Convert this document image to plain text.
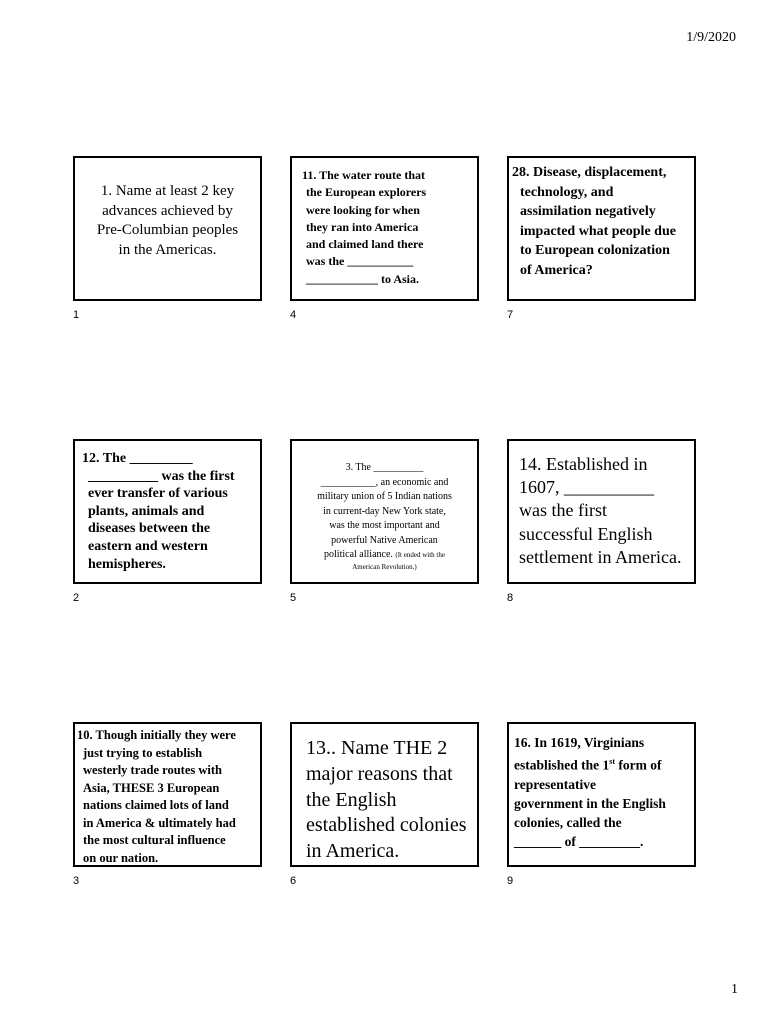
1/9/2020

1. Name at least 2 key

advances achieved by

Pre-Columbian peoples

in the Americas.

1

11. The water route that

the European explorers

were looking for when

they ran into America

and claimed land there

was the ___________

____________ to Asia.

4

28. Disease, displacement,

technology, and

assimilation negatively

impacted what people due

to European colonization

of America?

7

12. The _________

__________ was the first

ever transfer of various

plants, animals and

diseases between the

eastern and western

hemispheres.

2

3. The __________

___________, an economic and

military union of 5 Indian nations

in current-day New York state,

was the most important and

powerful Native American

political alliance. (It ended with the

American Revolution.)

5

14. Established in

1607, __________

was the first

successful English

settlement in America.

8

10. Though initially they were

just trying to establish

westerly trade routes with

Asia, THESE 3 European

nations claimed lots of land

in America & ultimately had

the most cultural influence

on our nation.

3

13.. Name THE 2

major reasons that

the English

established colonies

in America.

6

16. In 1619, Virginians

established the 1st form of

representative

government in the English

colonies, called the

_______ of _________.

9
1
